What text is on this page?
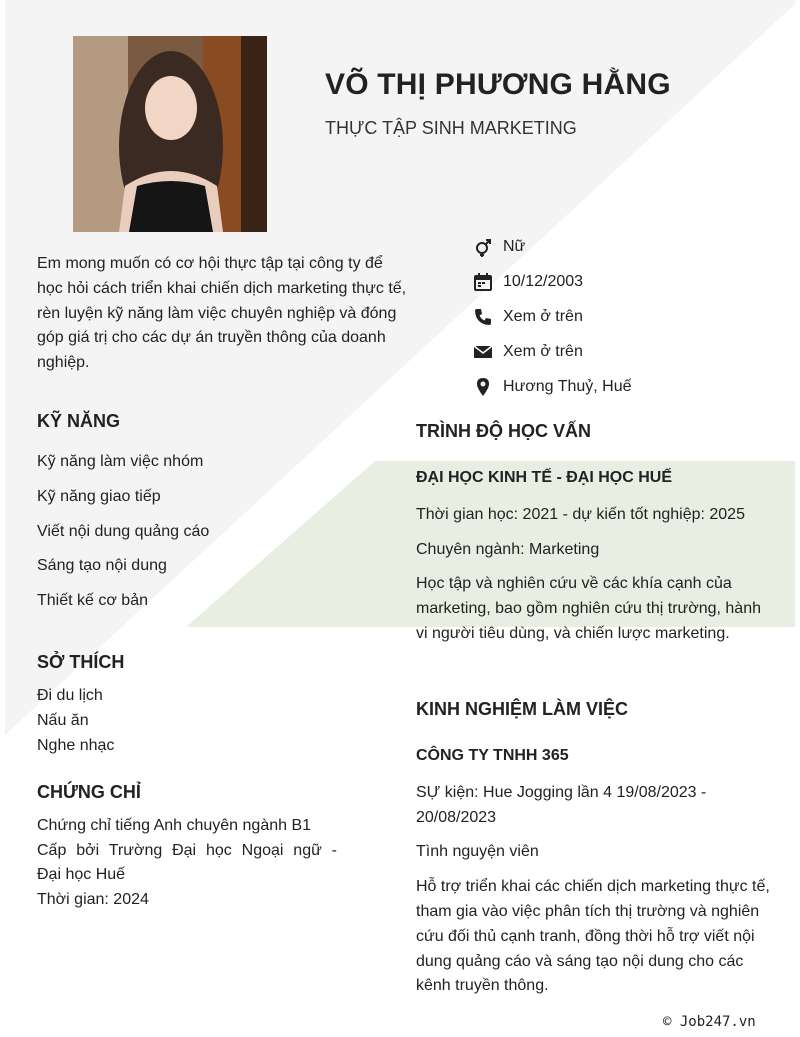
VÕ THỊ PHƯƠNG HẰNG
THỰC TẬP SINH MARKETING
Em mong muốn có cơ hội thực tập tại công ty để học hỏi cách triển khai chiến dịch marketing thực tế, rèn luyện kỹ năng làm việc chuyên nghiệp và đóng góp giá trị cho các dự án truyền thông của doanh nghiệp.
Nữ
10/12/2003
Xem ở trên
Xem ở trên
Hương Thuỷ, Huế
KỸ NĂNG
Kỹ năng làm việc nhóm
Kỹ năng giao tiếp
Viết nội dung quảng cáo
Sáng tạo nội dung
Thiết kế cơ bản
SỞ THÍCH
Đi du lịch
Nấu ăn
Nghe nhạc
CHỨNG CHỈ
Chứng chỉ tiếng Anh chuyên ngành B1
Cấp bởi Trường Đại học Ngoại ngữ -
Đại học Huế
Thời gian: 2024
TRÌNH ĐỘ HỌC VẤN

ĐẠI HỌC KINH TẾ - ĐẠI HỌC HUẾ

Thời gian học: 2021 - dự kiến tốt nghiệp: 2025

Chuyên ngành: Marketing

Học tập và nghiên cứu về các khía cạnh của marketing, bao gồm nghiên cứu thị trường, hành vi người tiêu dùng, và chiến lược marketing.

KINH NGHIỆM LÀM VIỆC

CÔNG TY TNHH 365

SỰ kiện: Hue Jogging lần 4 19/08/2023 - 20/08/2023

Tình nguyện viên

Hỗ trợ triển khai các chiến dịch marketing thực tế, tham gia vào việc phân tích thị trường và nghiên cứu đối thủ cạnh tranh, đồng thời hỗ trợ viết nội dung quảng cáo và sáng tạo nội dung cho các kênh truyền thông.

© Job247.vn
